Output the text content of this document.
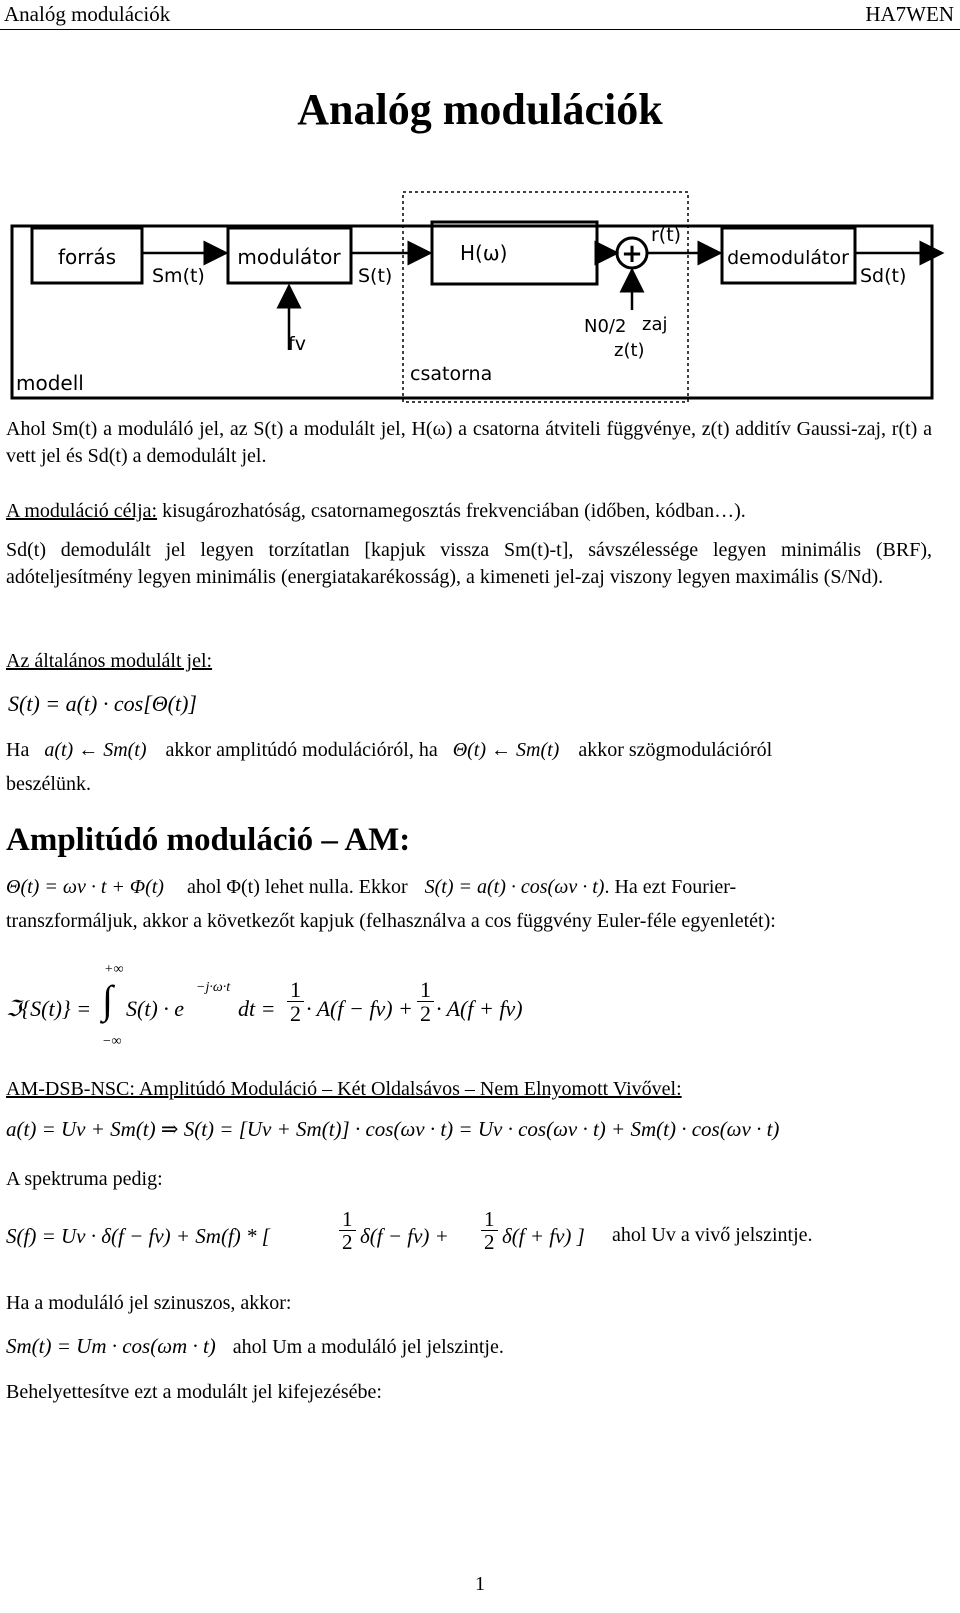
Analóg modulációk	HA7WEN
Analóg modulációk
forrás
Sm(t)
modulátor
fv
S(t)
H(ω)	+
N0/2 zaj
z(t)
r(t)
demodulátor
Sd(t)
csatorna
modell
Ahol Sm(t) a moduláló jel, az S(t) a modulált jel, H(ω) a csatorna átviteli függvénye, z(t) additív Gaussi-zaj, r(t) a vett jel és Sd(t) a demodulált jel.
A moduláció célja: kisugározhatóság, csatornamegosztás frekvenciában (időben, kódban…).
Sd(t) demodulált jel legyen torzítatlan [kapjuk vissza Sm(t)-t], sávszélessége legyen minimális (BRF), adóteljesítmény legyen minimális (energiatakarékosság), a kimeneti jel-zaj viszony legyen maximális (S/Nd).
Az általános modulált jel:
S(t) = a(t) · cos[Θ(t)]
Ha a(t) ← Sm(t) akkor amplitúdó modulációról, ha Θ(t) ← Sm(t) akkor szögmodulációról
beszélünk.
Amplitúdó moduláció – AM:
Θ(t) = ωv · t + Φ(t) ahol Φ(t) lehet nulla. Ekkor S(t) = a(t) · cos(ωv · t). Ha ezt Fourier-
transzformáljuk, akkor a következőt kapjuk (felhasználva a cos függvény Euler-féle egyenletét):
ℑ{S(t)} = ∫
+∞
−∞
S(t) · e
−j·ω·t
dt = $\frac{1}{2} \cdot A(f - fv) + \frac{1}{2} \cdot A(f + fv)$
AM-DSB-NSC: Amplitúdó Moduláció – Két Oldalsávos – Nem Elnyomott Vivővel:
a(t) = Uv + Sm(t) ⇒ S(t) = [Uv + Sm(t)] · cos(ωv · t) = Uv · cos(ωv · t) + Sm(t) · cos(ωv · t)
A spektruma pedig:
S(f) = Uv · δ(f − fv) + Sm(f) * [	$\frac{1}{2} \delta(f - fv) + \frac{1}{2} \delta(f + fv)$ ] ahol Uv a vivő jelszintje.
Ha a moduláló jel szinuszos, akkor:
Sm(t) = Um · cos(ωm · t) ahol Um a moduláló jel jelszintje.
Behelyettesítve ezt a modulált jel kifejezésébe:
1
